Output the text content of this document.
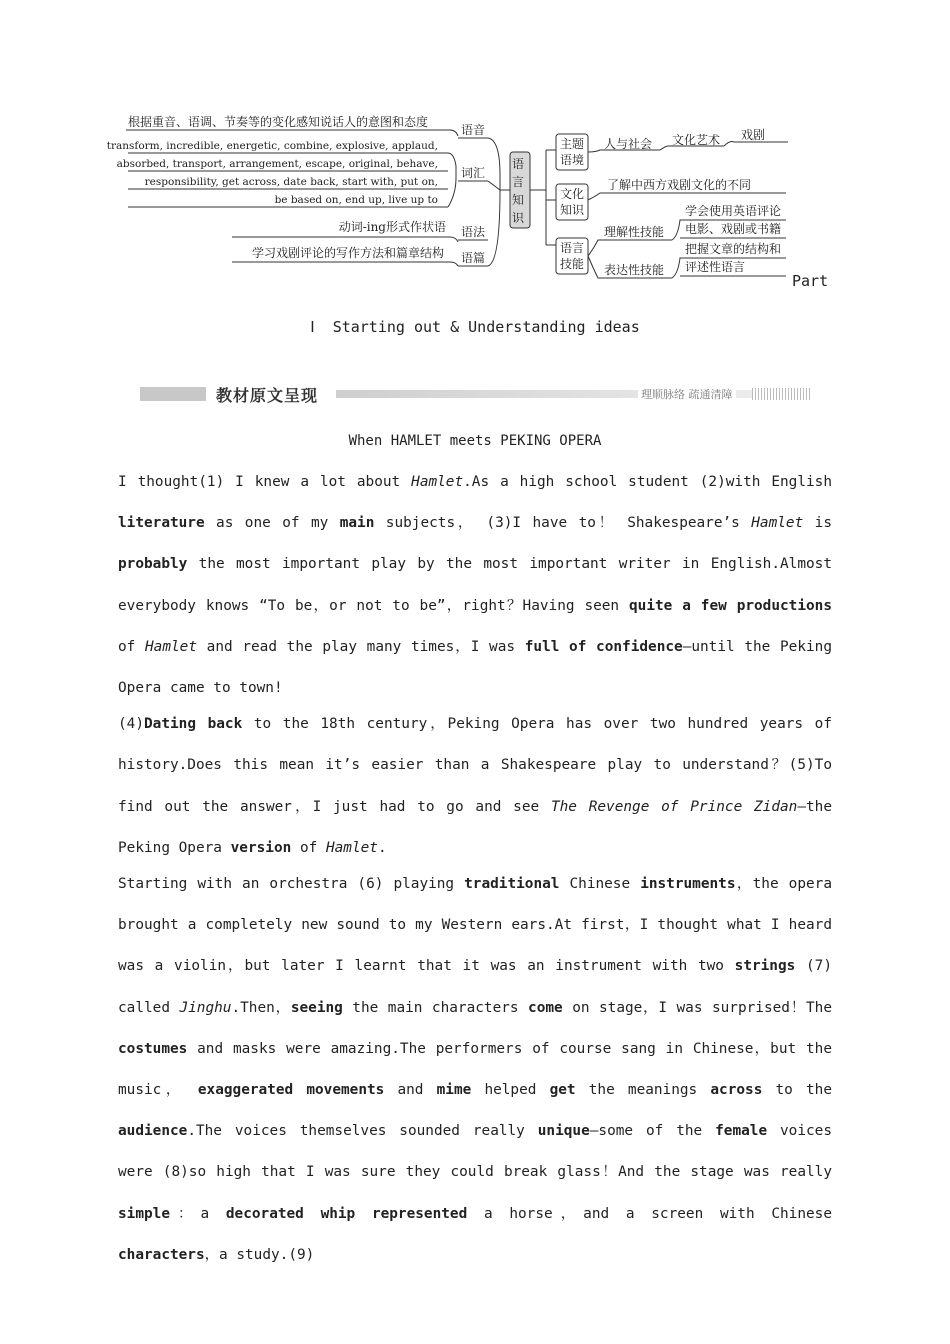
根据重音、语调、节奏等的变化感知说话人的意图和态度
transform, incredible, energetic, combine, explosive, applaud,
absorbed, transport, arrangement, escape, original, behave,
responsibility, get across, date back, start with, put on,
be based on, end up, live up to
动词-ing形式作状语
学习戏剧评论的写作方法和篇章结构
语音
词汇
语法
语篇
语言知识
主题语境
文化知识
语言技能
人与社会 文化艺术 戏剧
了解中西方戏剧文化的不同
理解性技能
表达性技能
学会使用英语评论
电影、戏剧或书籍
把握文章的结构和
评述性语言
Part
Ⅰ Starting out & Understanding ideas
教材原文呈现	理顺脉络 疏通清障
When HAMLET meets PEKING OPERA

I thought(1) I knew a lot about Hamlet.As a high school student (2)with English literature as one of my main subjects， (3)I have to！ Shakespeare’s Hamlet is probably the most important play by the most important writer in English.Almost everybody knows “To be，or not to be”，right？Having seen quite a few productions of Hamlet and read the play many times，I was full of confidence—until the Peking Opera came to town!

(4)Dating back to the 18th century，Peking Opera has over two hundred years of history.Does this mean it’s easier than a Shakespeare play to understand？(5)To find out the answer，I just had to go and see The Revenge of Prince Zidan—the Peking Opera version of Hamlet.

Starting with an orchestra (6) playing traditional Chinese instruments，the opera brought a completely new sound to my Western ears.At first，I thought what I heard was a violin，but later I learnt that it was an instrument with two strings (7) called Jinghu.Then，seeing the main characters come on stage，I was surprised！The costumes and masks were amazing.The performers of course sang in Chinese，but the music， exaggerated movements and mime helped get the meanings across to the audience.The voices themselves sounded really unique—some of the female voices were (8)so high that I was sure they could break glass！And the stage was really simple：a decorated whip represented a horse，and a screen with Chinese characters，a study.(9)
